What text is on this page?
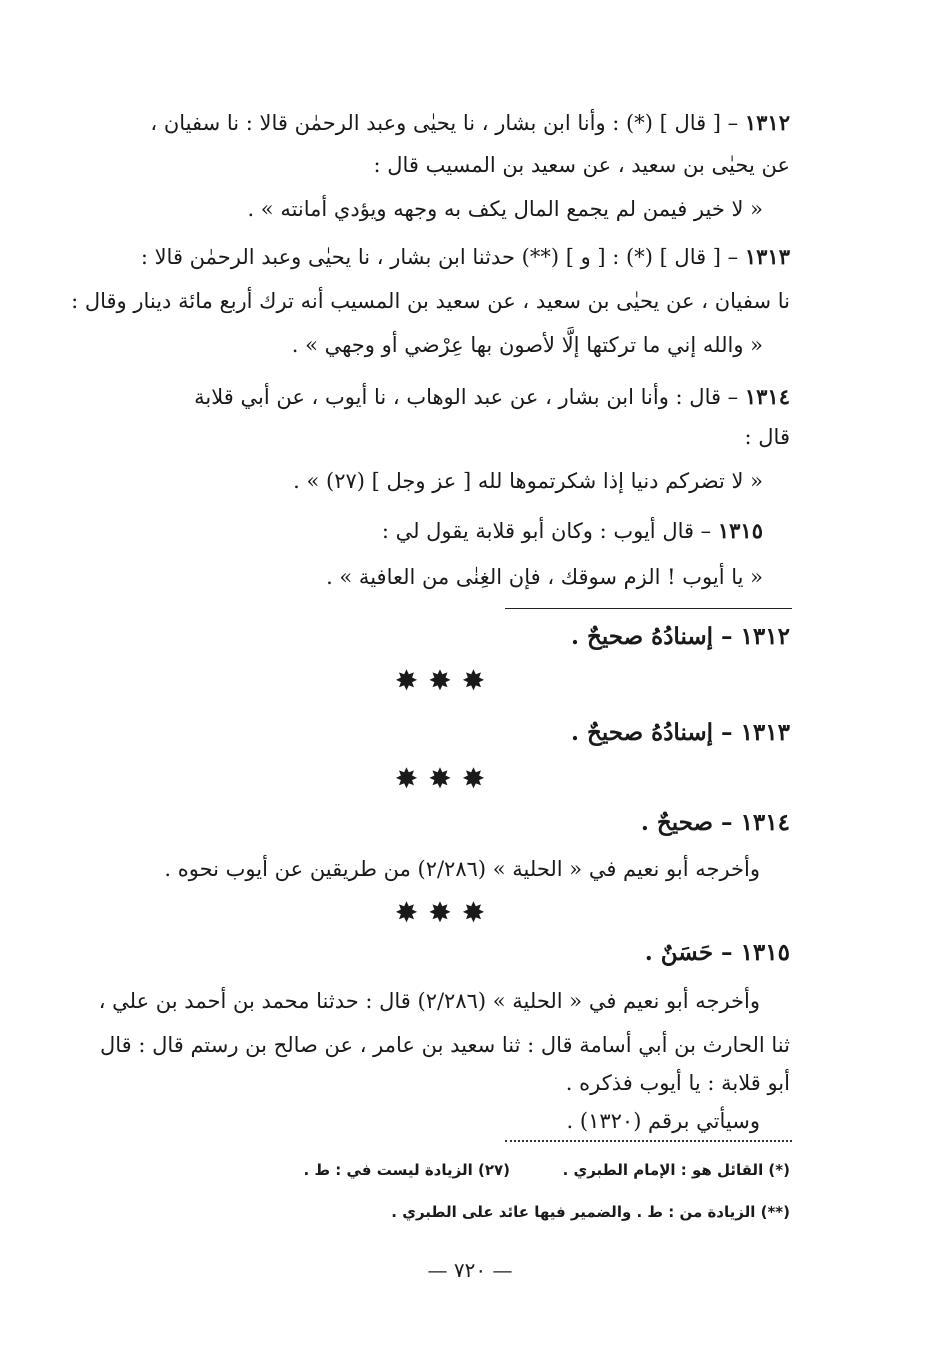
١٣١٢ – [ قال ] (*) : وأنا ابن بشار ، نا يحيٰى وعبد الرحمٰن قالا : نا سفيان ،
عن يحيٰى بن سعيد ، عن سعيد بن المسيب قال :
« لا خير فيمن لم يجمع المال يكف به وجهه ويؤدي أمانته » .
١٣١٣ – [ قال ] (*) : [ و ] (**) حدثنا ابن بشار ، نا يحيٰى وعبد الرحمٰن قالا :
نا سفيان ، عن يحيٰى بن سعيد ، عن سعيد بن المسيب أنه ترك أربع مائة دينار وقال :
« والله إني ما تركتها إلَّا لأصون بها عِرْضي أو وجهي » .
١٣١٤ – قال : وأنا ابن بشار ، عن عبد الوهاب ، نا أيوب ، عن أبي قلابة
قال :
« لا تضركم دنيا إذا شكرتموها لله [ عز وجل ] (٢٧) » .
١٣١٥ – قال أيوب : وكان أبو قلابة يقول لي :
« يا أيوب ! الزم سوقك ، فإن الغِنٰى من العافية » .
١٣١٢ – إسنادُهُ صحيحٌ .
✸✸✸
١٣١٣ – إسنادُهُ صحيحٌ .
✸✸✸
١٣١٤ – صحيحٌ .
وأخرجه أبو نعيم في « الحلية » (٢/٢٨٦) من طريقين عن أيوب نحوه .
✸✸✸
١٣١٥ – حَسَنٌ .
وأخرجه أبو نعيم في « الحلية » (٢/٢٨٦) قال : حدثنا محمد بن أحمد بن علي ،
ثنا الحارث بن أبي أسامة قال : ثنا سعيد بن عامر ، عن صالح بن رستم قال : قال
أبو قلابة : يا أيوب فذكره .
وسيأتي برقم (١٣٢٠) .
(*) القائل هو : الإمام الطبري .
(٢٧) الزيادة ليست في : ط .
(**) الزيادة من : ط . والضمير فيها عائد على الطبري .
— ٧٢٠ —
